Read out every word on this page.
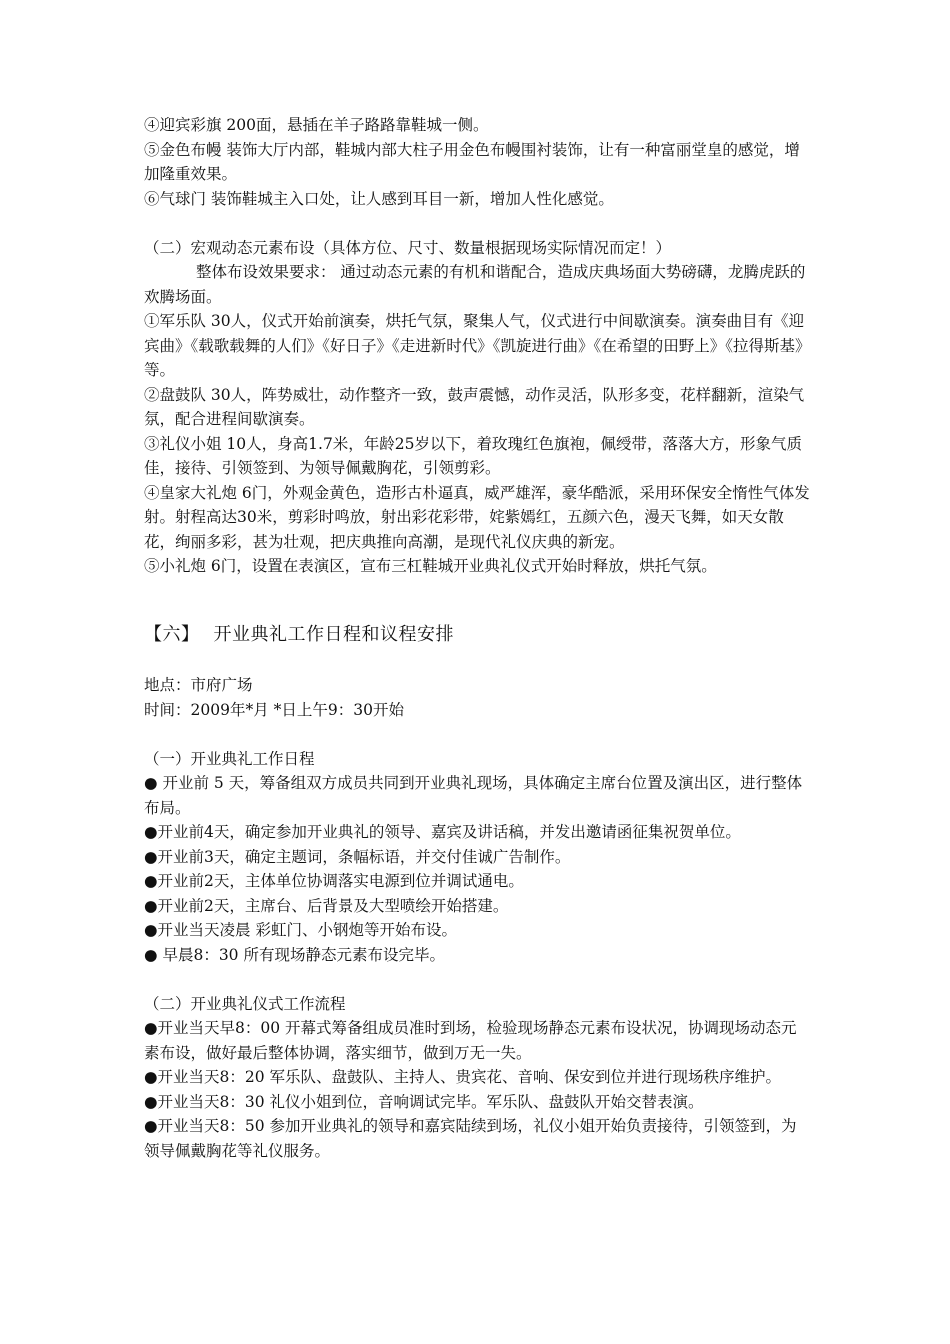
④迎宾彩旗 200面，悬插在羊子路路靠鞋城一侧。

⑤金色布幔 装饰大厅内部，鞋城内部大柱子用金色布幔围衬装饰，让有一种富丽堂皇的感觉，增加隆重效果。

⑥气球门 装饰鞋城主入口处，让人感到耳目一新，增加人性化感觉。

（二）宏观动态元素布设（具体方位、尺寸、数量根据现场实际情况而定！）

整体布设效果要求： 通过动态元素的有机和谐配合，造成庆典场面大势磅礴，龙腾虎跃的欢腾场面。

①军乐队 30人，仪式开始前演奏，烘托气氛，聚集人气，仪式进行中间歇演奏。演奏曲目有《迎宾曲》《载歌载舞的人们》《好日子》《走进新时代》《凯旋进行曲》《在希望的田野上》《拉得斯基》等。

②盘鼓队 30人，阵势威壮，动作整齐一致，鼓声震憾，动作灵活，队形多变，花样翻新，渲染气氛，配合进程间歇演奏。

③礼仪小姐 10人，身高1.7米，年龄25岁以下，着玫瑰红色旗袍，佩绶带，落落大方，形象气质佳，接待、引领签到、为领导佩戴胸花，引领剪彩。

④皇家大礼炮 6门，外观金黄色，造形古朴逼真，威严雄浑，豪华酷派，采用环保安全惰性气体发射。射程高达30米，剪彩时鸣放，射出彩花彩带，姹紫嫣红，五颜六色，漫天飞舞，如天女散花，绚丽多彩，甚为壮观，把庆典推向高潮，是现代礼仪庆典的新宠。

⑤小礼炮 6门，设置在表演区，宣布三杠鞋城开业典礼仪式开始时释放，烘托气氛。

【六】 开业典礼工作日程和议程安排

地点：市府广场

时间：2009年*月 *日上午9：30开始

（一）开业典礼工作日程

● 开业前 5 天，筹备组双方成员共同到开业典礼现场，具体确定主席台位置及演出区，进行整体布局。

●开业前4天，确定参加开业典礼的领导、嘉宾及讲话稿，并发出邀请函征集祝贺单位。

●开业前3天，确定主题词，条幅标语，并交付佳诚广告制作。

●开业前2天，主体单位协调落实电源到位并调试通电。

●开业前2天，主席台、后背景及大型喷绘开始搭建。

●开业当天凌晨 彩虹门、小钢炮等开始布设。

● 早晨8：30 所有现场静态元素布设完毕。

（二）开业典礼仪式工作流程

●开业当天早8：00 开幕式筹备组成员准时到场，检验现场静态元素布设状况，协调现场动态元素布设，做好最后整体协调，落实细节，做到万无一失。

●开业当天8：20 军乐队、盘鼓队、主持人、贵宾花、音响、保安到位并进行现场秩序维护。

●开业当天8：30 礼仪小姐到位，音响调试完毕。军乐队、盘鼓队开始交替表演。

●开业当天8：50 参加开业典礼的领导和嘉宾陆续到场，礼仪小姐开始负责接待，引领签到，为领导佩戴胸花等礼仪服务。
